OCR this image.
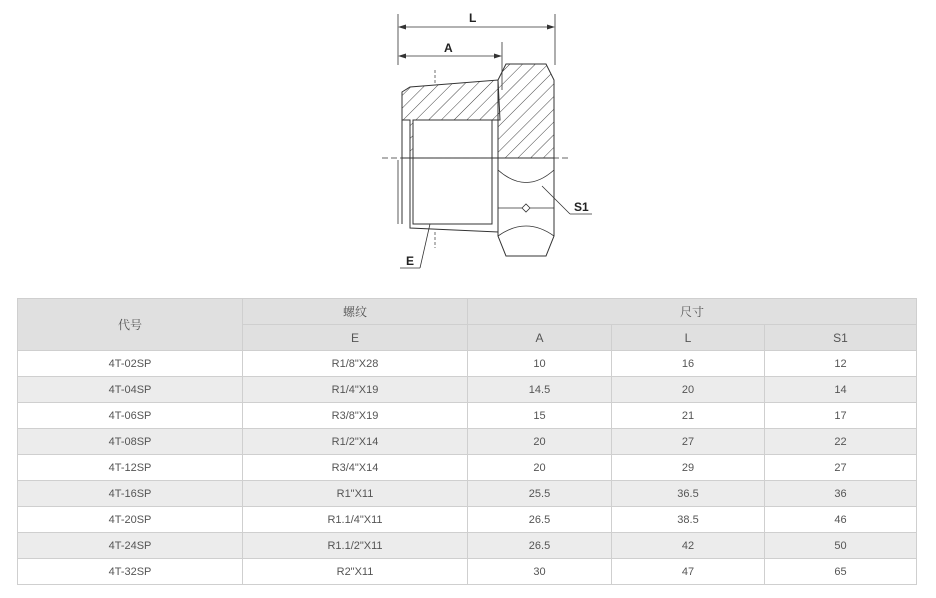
L
A
S1
E
代号	螺纹	尺寸		
	E	A	L	S1
4T-02SP	R1/8"X28	10	16	12
4T-04SP	R1/4"X19	14.5	20	14
4T-06SP	R3/8"X19	15	21	17
4T-08SP	R1/2"X14	20	27	22
4T-12SP	R3/4"X14	20	29	27
4T-16SP	R1"X11	25.5	36.5	36
4T-20SP	R1.1/4"X11	26.5	38.5	46
4T-24SP	R1.1/2"X11	26.5	42	50
4T-32SP	R2"X11	30	47	65
